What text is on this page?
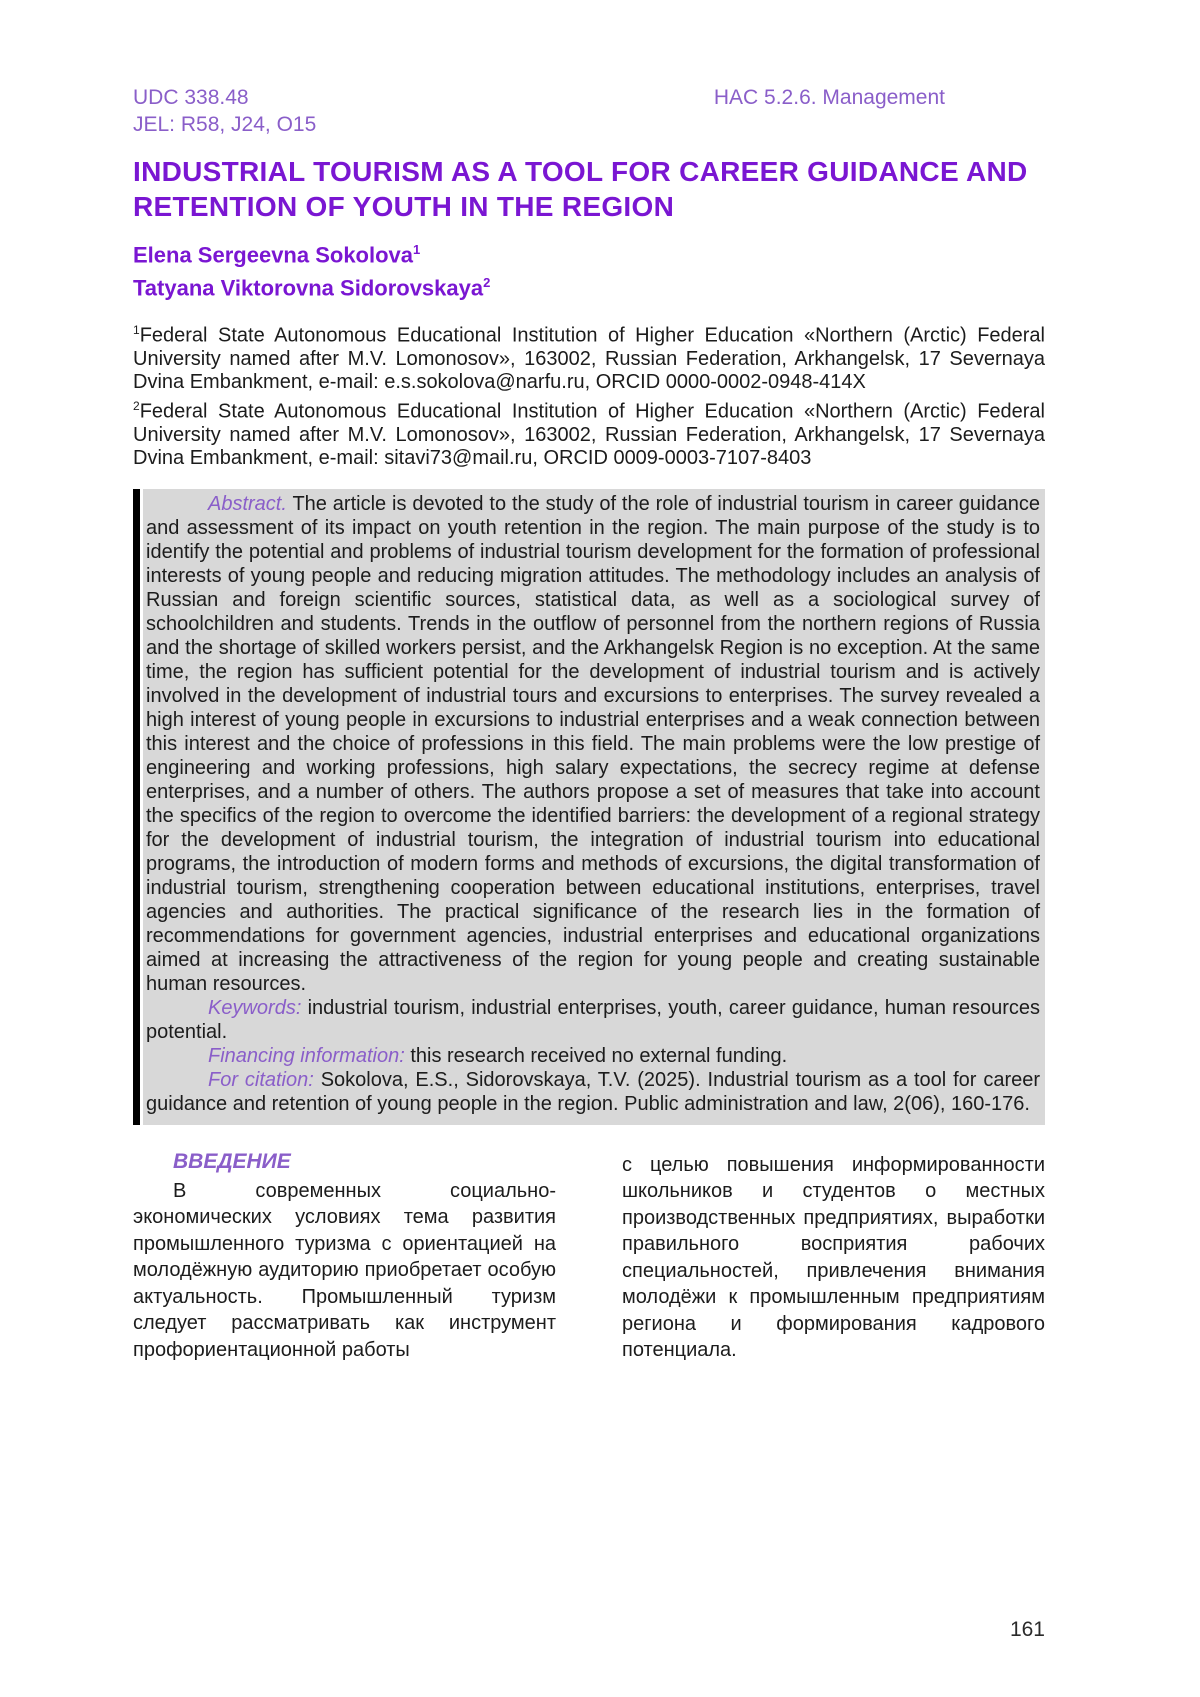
UDC 338.48
JEL: R58, J24, O15
HAC 5.2.6. Management
INDUSTRIAL TOURISM AS A TOOL FOR CAREER GUIDANCE AND RETENTION OF YOUTH IN THE REGION
Elena Sergeevna Sokolova$^1$
Tatyana Viktorovna Sidorovskaya$^2$

$^1$Federal State Autonomous Educational Institution of Higher Education «Northern (Arctic) Federal University named after M.V. Lomonosov», 163002, Russian Federation, Arkhangelsk, 17 Severnaya Dvina Embankment, e-mail: e.s.sokolova@narfu.ru, ORCID 0000-0002-0948-414X

$^2$Federal State Autonomous Educational Institution of Higher Education «Northern (Arctic) Federal University named after M.V. Lomonosov», 163002, Russian Federation, Arkhangelsk, 17 Severnaya Dvina Embankment, e-mail: sitavi73@mail.ru, ORCID 0009-0003-7107-8403

Abstract. The article is devoted to the study of the role of industrial tourism in career guidance and assessment of its impact on youth retention in the region. The main purpose of the study is to identify the potential and problems of industrial tourism development for the formation of professional interests of young people and reducing migration attitudes. The methodology includes an analysis of Russian and foreign scientific sources, statistical data, as well as a sociological survey of schoolchildren and students. Trends in the outflow of personnel from the northern regions of Russia and the shortage of skilled workers persist, and the Arkhangelsk Region is no exception. At the same time, the region has sufficient potential for the development of industrial tourism and is actively involved in the development of industrial tours and excursions to enterprises. The survey revealed a high interest of young people in excursions to industrial enterprises and a weak connection between this interest and the choice of professions in this field. The main problems were the low prestige of engineering and working professions, high salary expectations, the secrecy regime at defense enterprises, and a number of others. The authors propose a set of measures that take into account the specifics of the region to overcome the identified barriers: the development of a regional strategy for the development of industrial tourism, the integration of industrial tourism into educational programs, the introduction of modern forms and methods of excursions, the digital transformation of industrial tourism, strengthening cooperation between educational institutions, enterprises, travel agencies and authorities. The practical significance of the research lies in the formation of recommendations for government agencies, industrial enterprises and educational organizations aimed at increasing the attractiveness of the region for young people and creating sustainable human resources.

Keywords: industrial tourism, industrial enterprises, youth, career guidance, human resources potential.

Financing information: this research received no external funding.

For citation: Sokolova, E.S., Sidorovskaya, T.V. (2025). Industrial tourism as a tool for career guidance and retention of young people in the region. Public administration and law, 2(06), 160-176.

ВВЕДЕНИЕ

В современных социально-экономических условиях тема развития промышленного туризма с ориентацией на молодёжную аудиторию приобретает особую актуальность. Промышленный туризм следует рассматривать как инструмент профориентационной работы

с целью повышения информированности школьников и студентов о местных производственных предприятиях, выработки правильного восприятия рабочих специальностей, привлечения внимания молодёжи к промышленным предприятиям региона и формирования кадрового потенциала.

161
